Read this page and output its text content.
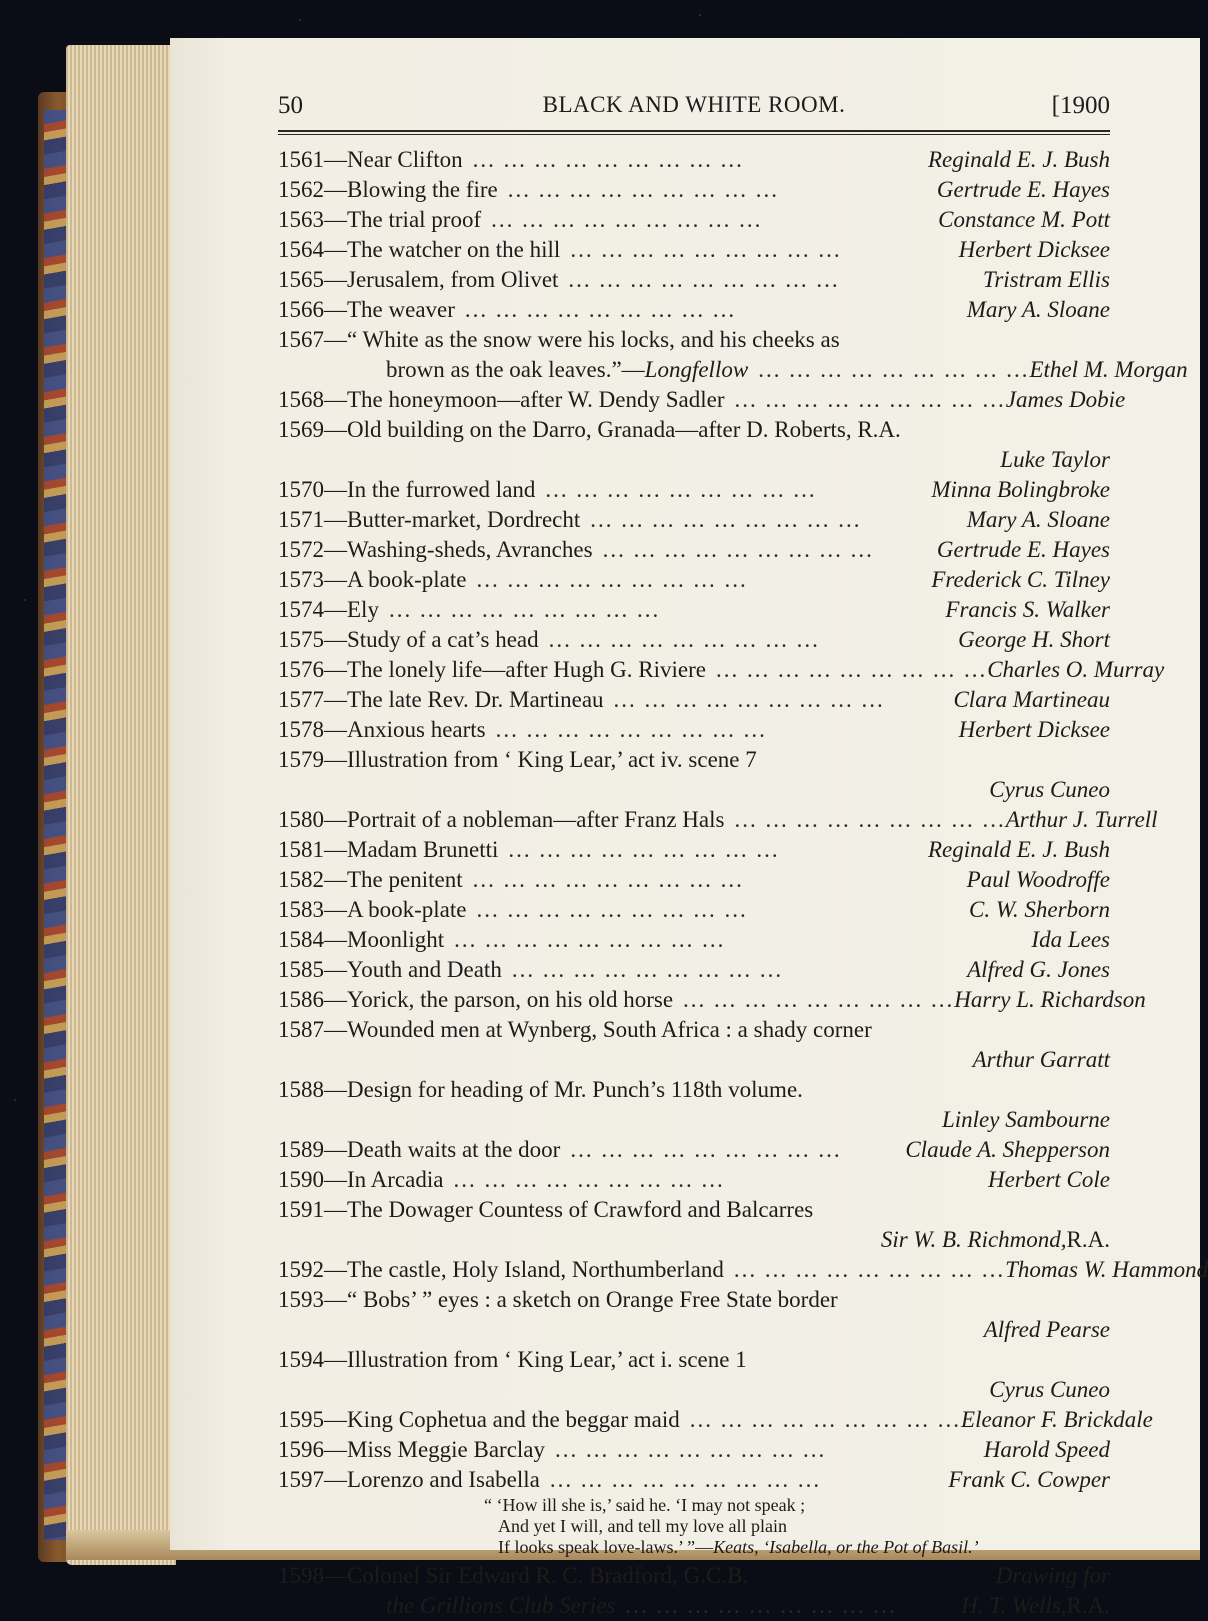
50	BLACK AND WHITE ROOM.	[1900
1561— Near Clifton ... ... ... ... ... ... ... ... ...	Reginald E. J. Bush
1562— Blowing the fire ... ... ... ... ... ... ... ... ...	Gertrude E. Hayes
1563— The trial proof ... ... ... ... ... ... ... ... ...	Constance M. Pott
1564— The watcher on the hill ... ... ... ... ... ... ... ... ...	Herbert Dicksee
1565— Jerusalem, from Olivet ... ... ... ... ... ... ... ... ...	Tristram Ellis
1566— The weaver ... ... ... ... ... ... ... ... ...	Mary A. Sloane
1567— “ White as the snow were his locks, and his cheeks as
brown as the oak leaves.”— Longfellow ... ... ... ... ... ... ... ... ... Ethel M. Morgan
1568— The honeymoon—after W. Dendy Sadler ... ... ... ... ... ... ... ... ... James Dobie
1569— Old building on the Darro, Granada—after D. Roberts, R.A.
Luke Taylor
1570— In the furrowed land ... ... ... ... ... ... ... ... ...	Minna Bolingbroke
1571— Butter-market, Dordrecht ... ... ... ... ... ... ... ... ...	Mary A. Sloane
1572— Washing-sheds, Avranches ... ... ... ... ... ... ... ... ...	Gertrude E. Hayes
1573— A book-plate ... ... ... ... ... ... ... ... ...	Frederick C. Tilney
1574— Ely ... ... ... ... ... ... ... ... ...	Francis S. Walker
1575— Study of a cat’s head ... ... ... ... ... ... ... ... ...	George H. Short
1576— The lonely life—after Hugh G. Riviere ... ... ... ... ... ... ... ... ... Charles O. Murray
1577— The late Rev. Dr. Martineau ... ... ... ... ... ... ... ... ...	Clara Martineau
1578— Anxious hearts ... ... ... ... ... ... ... ... ...	Herbert Dicksee
1579— Illustration from ‘ King Lear,’ act iv. scene 7
Cyrus Cuneo
1580— Portrait of a nobleman—after Franz Hals ... ... ... ... ... ... ... ... ... Arthur J. Turrell
1581— Madam Brunetti ... ... ... ... ... ... ... ... ...	Reginald E. J. Bush
1582— The penitent ... ... ... ... ... ... ... ... ...	Paul Woodroffe
1583— A book-plate ... ... ... ... ... ... ... ... ...	C. W. Sherborn
1584— Moonlight ... ... ... ... ... ... ... ... ...	Ida Lees
1585— Youth and Death ... ... ... ... ... ... ... ... ...	Alfred G. Jones
1586— Yorick, the parson, on his old horse ... ... ... ... ... ... ... ... ... Harry L. Richardson
1587— Wounded men at Wynberg, South Africa : a shady corner
Arthur Garratt
1588— Design for heading of Mr. Punch’s 118th volume.
Linley Sambourne
1589— Death waits at the door ... ... ... ... ... ... ... ... ...	Claude A. Shepperson
1590— In Arcadia ... ... ... ... ... ... ... ... ...	Herbert Cole
1591— The Dowager Countess of Crawford and Balcarres
Sir W. B. Richmond, R.A.
1592— The castle, Holy Island, Northumberland ... ... ... ... ... ... ... ... ... Thomas W. Hammond
1593— “ Bobs’ ” eyes : a sketch on Orange Free State border
Alfred Pearse
1594— Illustration from ‘ King Lear,’ act i. scene 1
Cyrus Cuneo
1595— King Cophetua and the beggar maid ... ... ... ... ... ... ... ... ... Eleanor F. Brickdale
1596— Miss Meggie Barclay ... ... ... ... ... ... ... ... ...	Harold Speed
1597— Lorenzo and Isabella ... ... ... ... ... ... ... ... ...	Frank C. Cowper
“ ‘How ill she is,’ said he. ‘I may not speak ;
And yet I will, and tell my love all plain
If looks speak love-laws.’ ”—Keats, ‘Isabella, or the Pot of Basil.’
1598— Colonel Sir Edward R. C. Bradford, G.C.B.	Drawing for
the Grillions Club Series ... ... ... ... ... ... ... ... ...	H. T. Wells, R.A.
